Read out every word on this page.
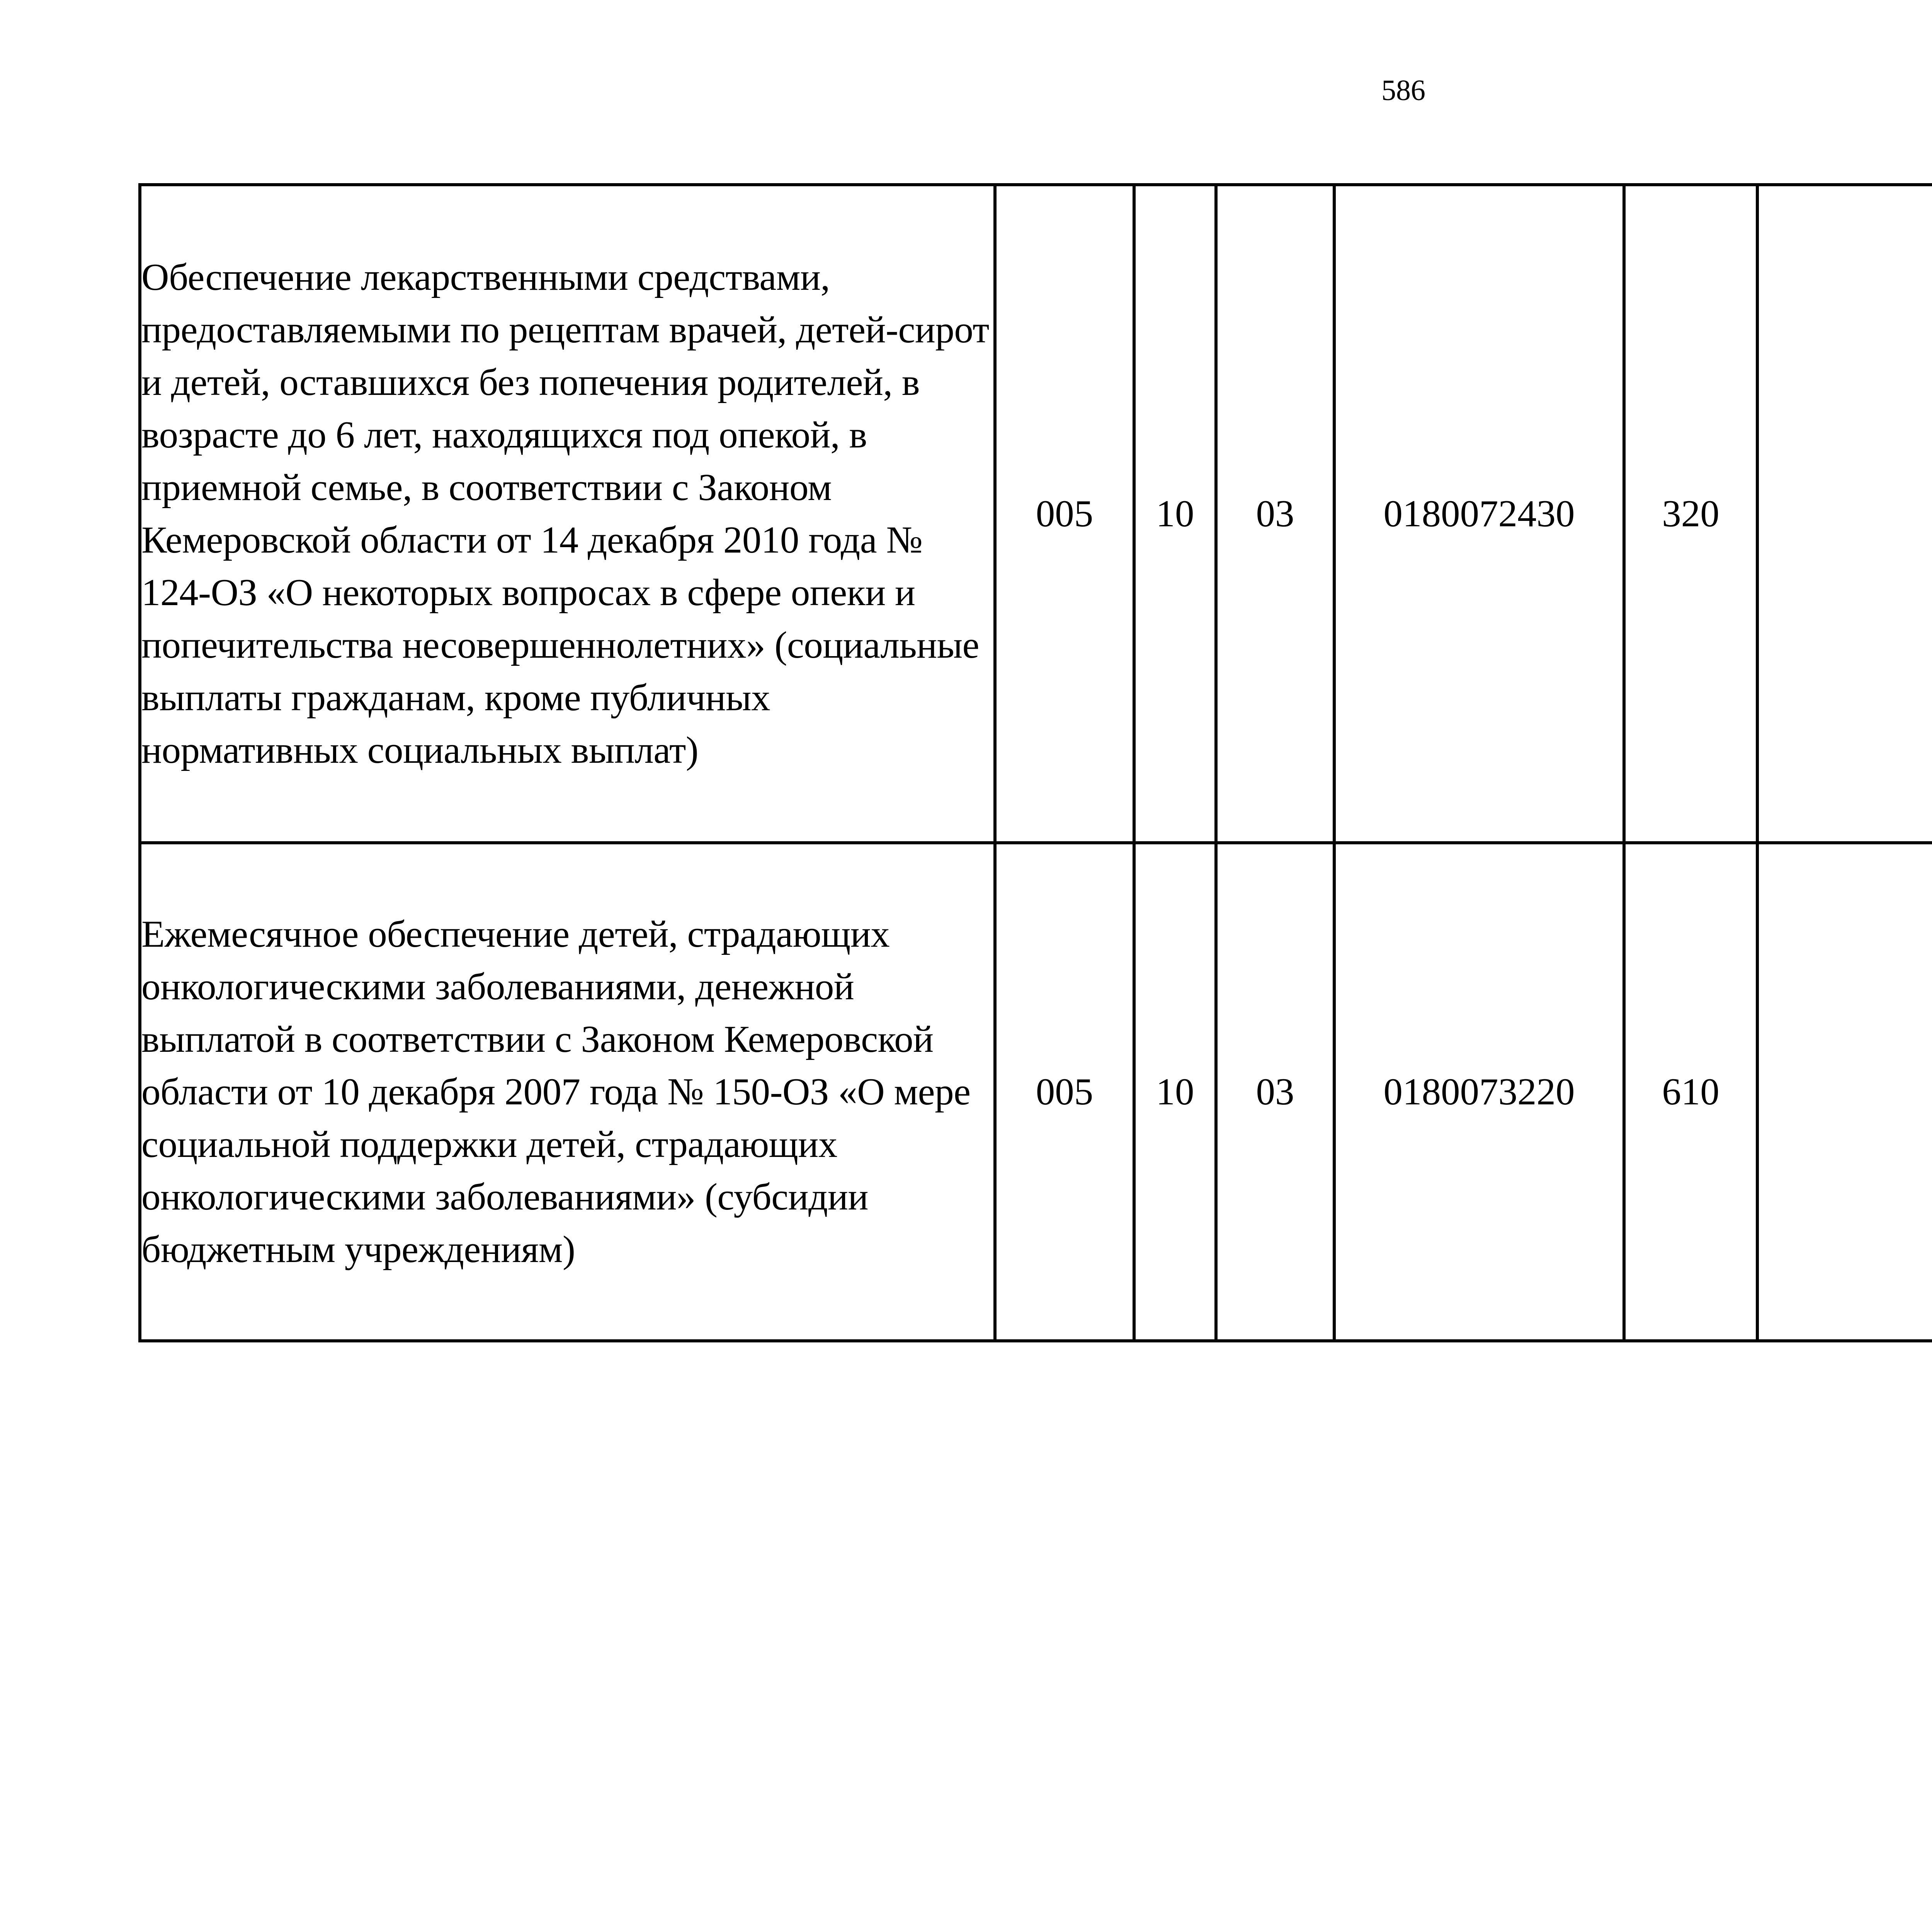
586
Обеспечение лекарственными средствами, предоставляемыми по рецептам врачей, детей-сирот и детей, оставшихся без попечения родителей, в возрасте до 6 лет, находящихся под опекой, в приемной семье, в соответствии с Законом Кемеровской области от 14 декабря 2010 года № 124-ОЗ «О некоторых вопросах в сфере опеки и попечительства несовершеннолетних» (социальные выплаты гражданам, кроме публичных нормативных социальных выплат)	005	10	03	0180072430	320			
Ежемесячное обеспечение детей, страдающих онкологическими заболеваниями, денежной выплатой в соответствии с Законом Кемеровской области от 10 декабря 2007 года № 150-ОЗ «О мере социальной поддержки детей, страдающих онкологическими заболеваниями» (субсидии бюджетным учреждениям)	005	10	03	0180073220	610			
